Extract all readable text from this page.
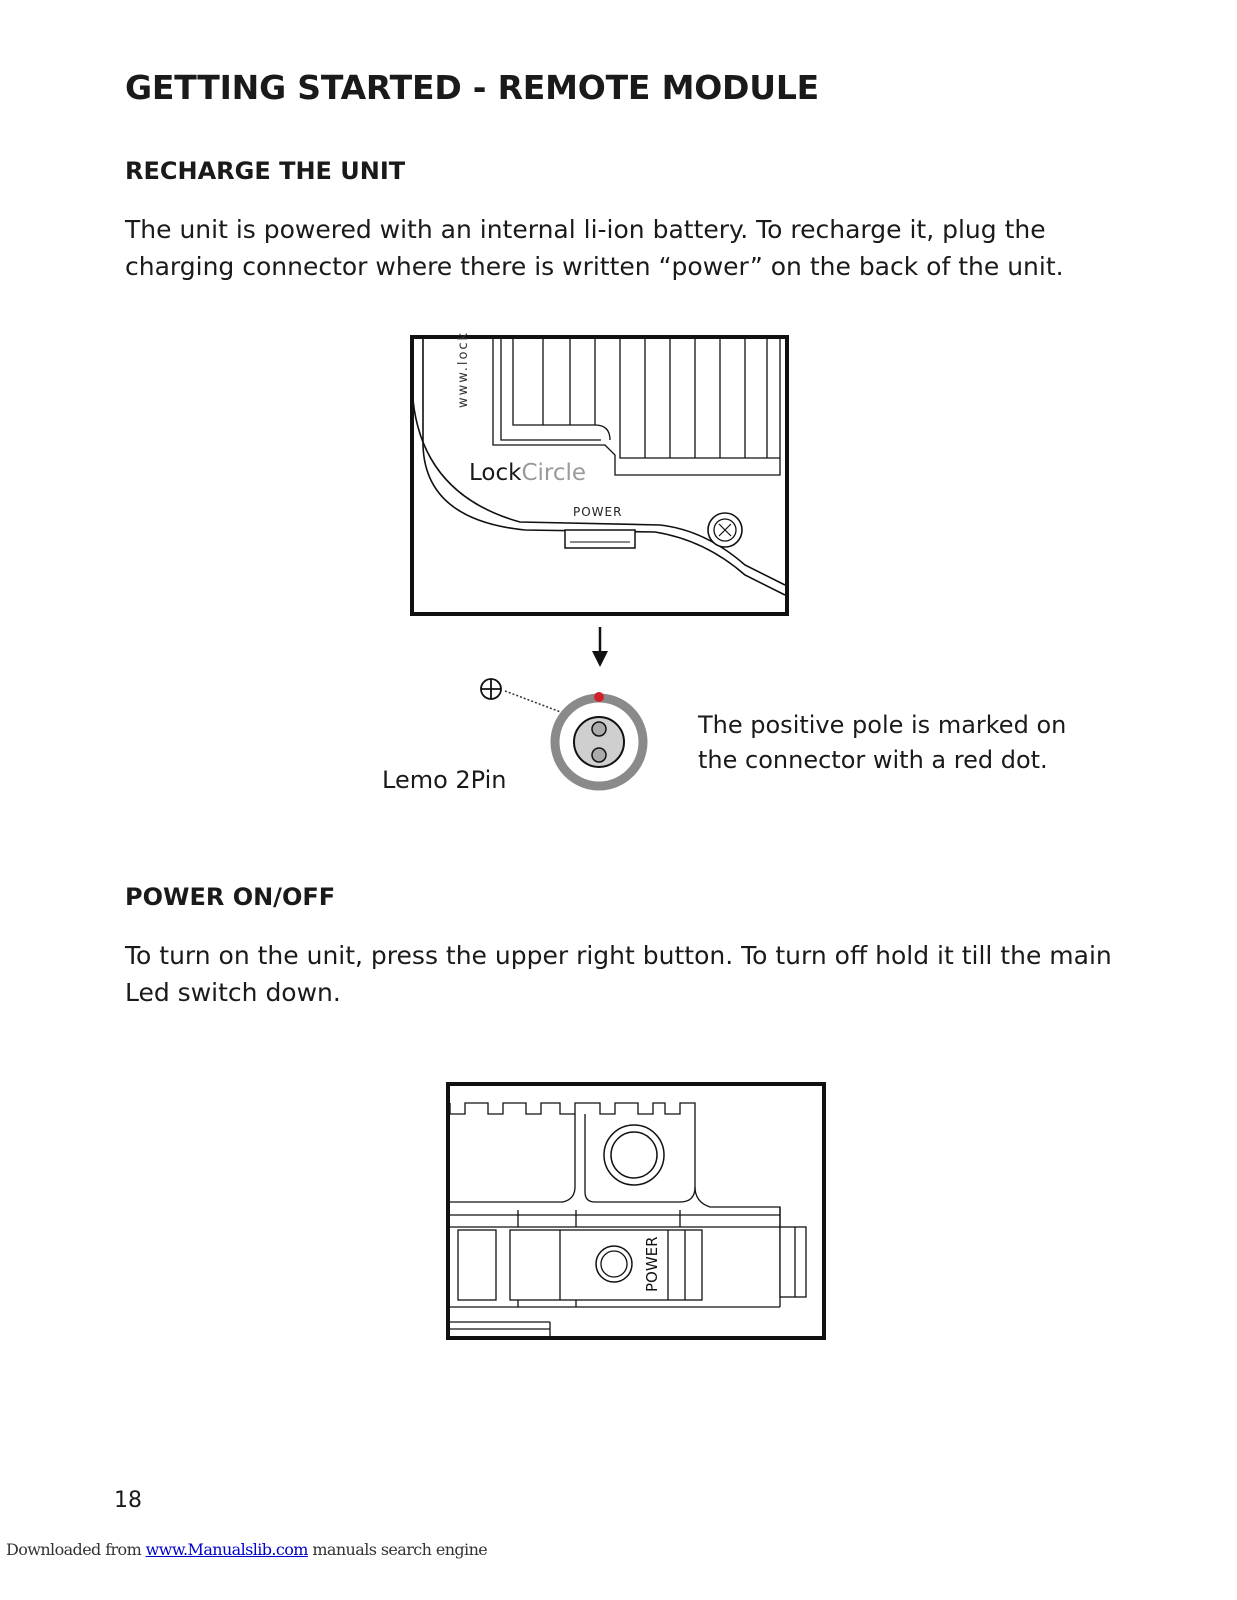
GETTING STARTED - REMOTE MODULE
RECHARGE THE UNIT

The unit is powered with an internal li-ion battery. To recharge it, plug the

charging connector where there is written “power” on the back of the unit.

www.lock
LockCircle
POWER
Lemo 2Pin
The positive pole is marked on
the connector with a red dot.
POWER ON/OFF

To turn on the unit, press the upper right button. To turn off hold it till the main

Led switch down.

POWER
18
Downloaded from www.Manualslib.com manuals search engine
